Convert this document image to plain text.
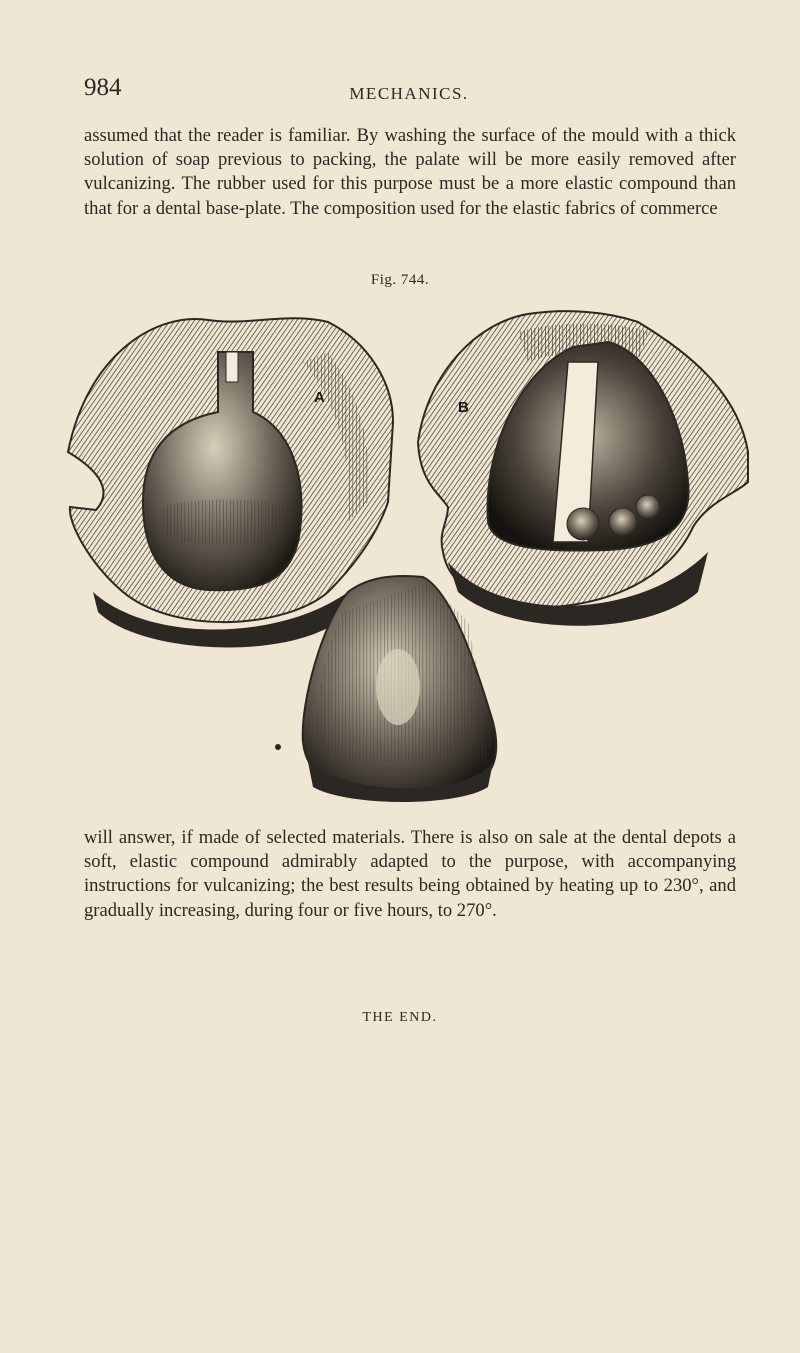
984	MECHANICS.

assumed that the reader is familiar. By washing the surface of the mould with a thick solution of soap previous to packing, the palate will be more easily removed after vulcanizing. The rubber used for this purpose must be a more elastic compound than that for a dental base-plate. The composition used for the elastic fabrics of commerce

Fig. 744.
A
B

will answer, if made of selected materials. There is also on sale at the dental depots a soft, elastic compound admirably adapted to the purpose, with accompanying instructions for vulcanizing; the best results being obtained by heating up to 230°, and gradually increasing, during four or five hours, to 270°.

THE END.
